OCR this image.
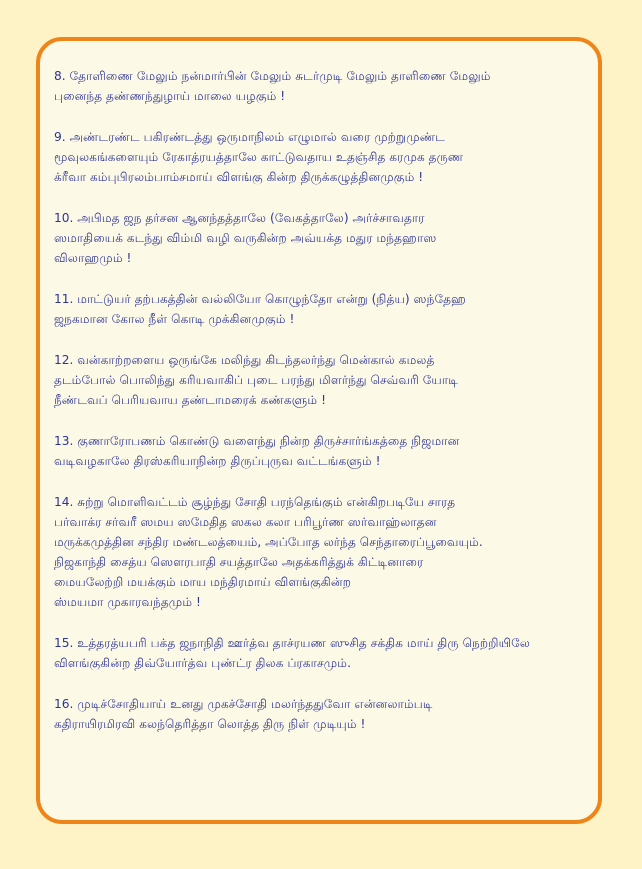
8. தோளிணை மேலும் நன்மார்பின் மேலும் சுடர்முடி மேலும் தாளிணை மேலும்
புனைந்த தண்ணந்துழாய் மாலை யழகும் !

9. அண்டரண்ட பகிரண்டத்து ஒருமாநிலம் எழுமால் வரை முற்றுமுண்ட
மூவுலகங்களையும் ரேகாத்ரயத்தாலே காட்டுவதாய உதஞ்சித கரமுக தருண
க்ரீவா கம்புபிரலம்பாம்சமாய் விளங்கு கின்ற திருக்கழுத்தினமுகும் !

10. அபிமத ஜந தர்சன ஆனந்தத்தாலே (வேகத்தாலே) அர்ச்சாவதார
ஸமாதியைக் கடந்து விம்மி வழி வருகின்ற அவ்யக்த மதுர மந்தஹாஸ
விலாஹமும் !

11. மாட்டுயர் தற்பகத்தின் வல்லியோ கொழுந்தோ என்று (நித்ய) ஸந்தேஹ
ஜநகமான கோல நீள் கொடி முக்கினமுகும் !

12. வன்காற்றளைய ஒருங்கே மலிந்து கிடந்தலர்ந்து மென்கால் கமலத்
தடம்போல் பொலிந்து கரியவாகிப் புடை பரந்து மிளர்ந்து செவ்வரி யோடி
நீண்டவப் பெரியவாய தண்டாமரைக் கண்களும் !

13. குணாரோபணம் கொண்டு வளைந்து நின்ற திருச்சார்ங்கத்தை நிஜமான
வடிவழகாலே திரஸ்கரியாநின்ற திருப்புருவ வட்டங்களும் !

14. சுற்று மொளிவட்டம் சூழ்ந்து சோதி பரந்தெங்கும் என்கிறபடியே சாரத
பர்வாக்ர சர்வரீ ஸமய ஸமேதித ஸகல கலா பரிபூர்ண ஸர்வாஹ்லாதன
மருக்கமுத்தின சந்திர மண்டலத்யைம், அப்போத லர்ந்த செந்தாரைப்பூவையும்.
நிஜகாந்தி சைத்ய ஸௌரபாதி சயத்தாலே அதக்கரித்துக் கிட்டினாரை
மையலேற்றி மயக்கும் மாய மந்திரமாய் விளங்குகின்ற
ஸ்மயமா முகாரவந்தமும் !

15. உத்தரத்யபரி பக்த ஜநாநிதி ஊர்த்வ தாச்ரயண ஸுசித சக்திக மாய் திரு நெற்றியிலே
விளங்குகின்ற திவ்யோர்த்வ புண்ட்ர திலக ப்ரகாசமும்.

16. முடிச்சோதியாய் உனது முகச்சோதி மலர்ந்ததுவோ என்னலாம்படி
கதிராயிரமிரவி கலந்தெரித்தா லொத்த திரு நிள் முடியும் !
